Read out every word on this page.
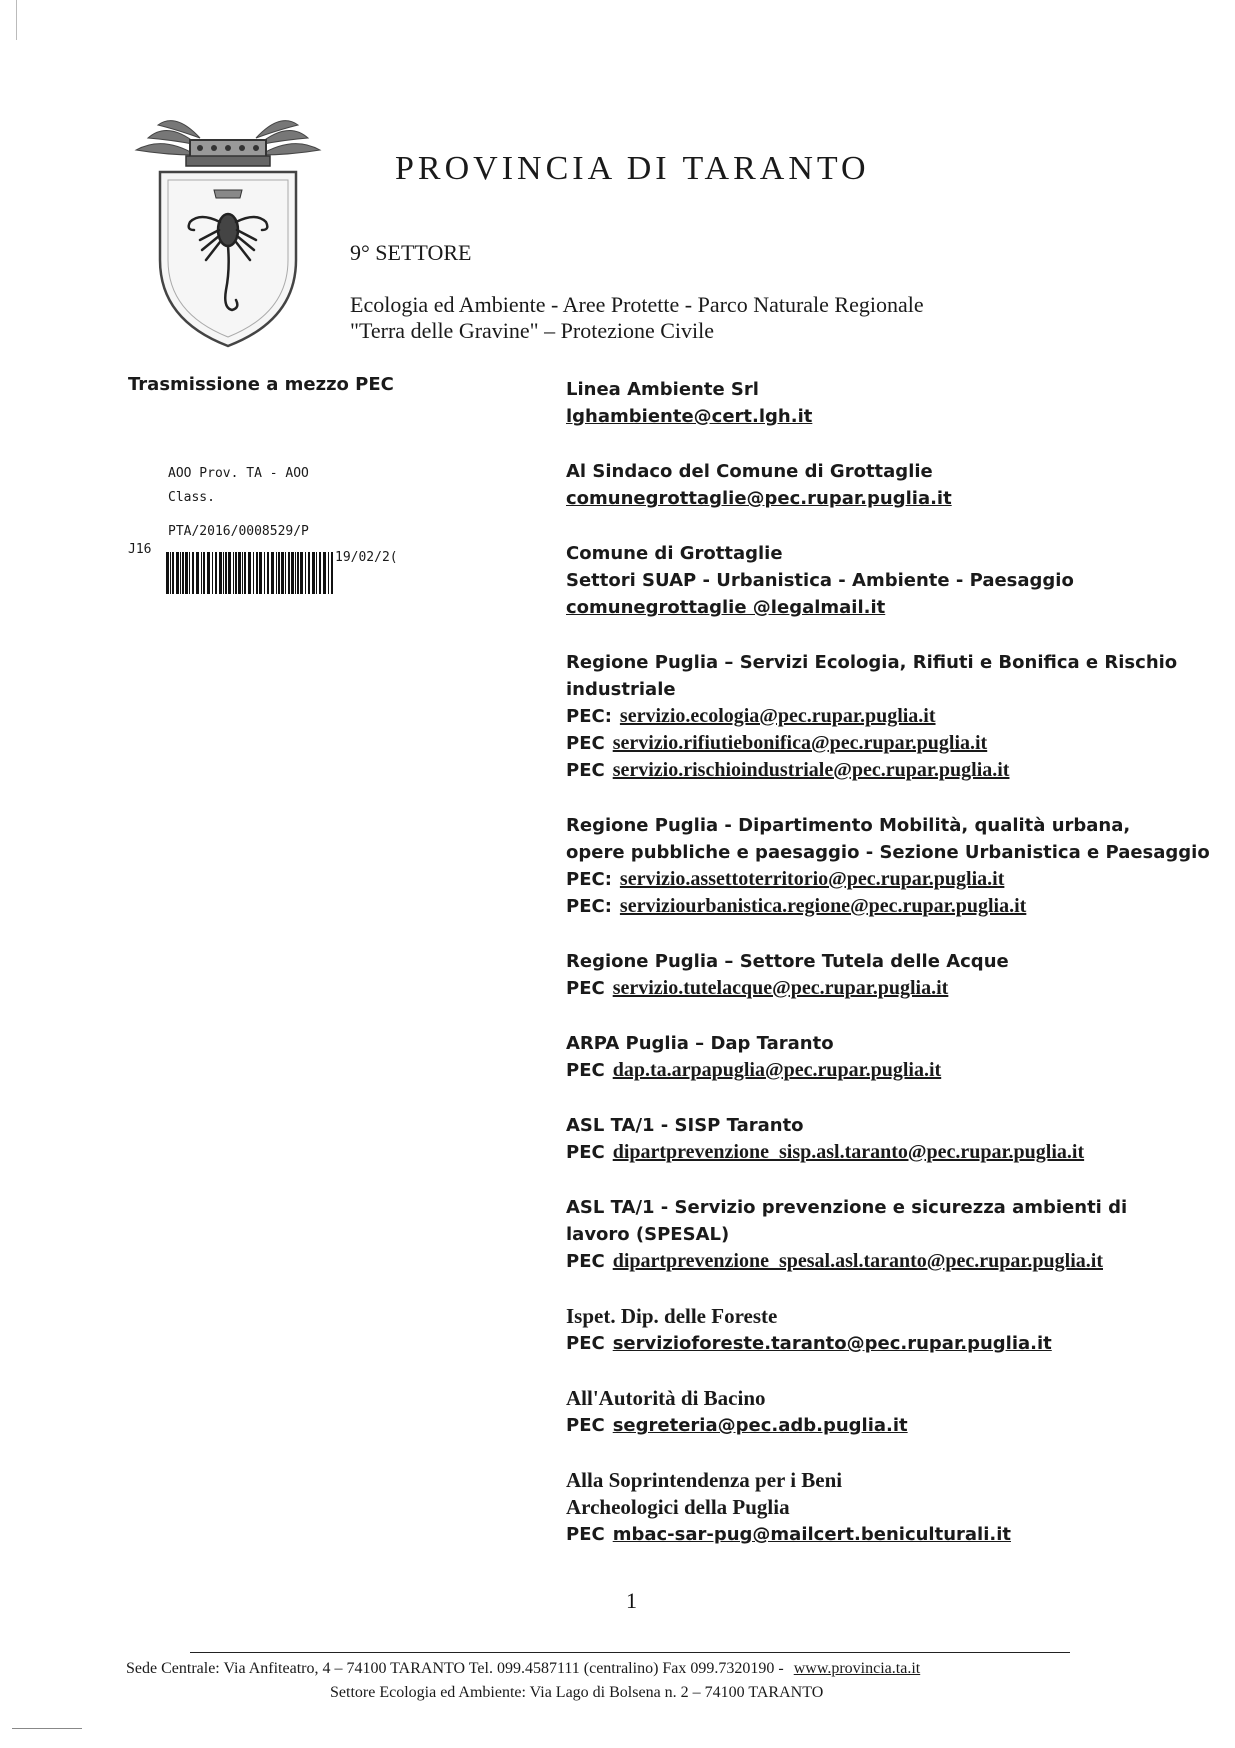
PROVINCIA DI TARANTO
9° SETTORE
Ecologia ed Ambiente - Aree Protette - Parco Naturale Regionale
"Terra delle Gravine" – Protezione Civile
Trasmissione a mezzo PEC
AOO Prov. TA - AOO
Class.
PTA/2016/0008529/P
J16
19/02/2(
Linea Ambiente Srl
lghambiente@cert.lgh.it
Al Sindaco del Comune di Grottaglie
comunegrottaglie@pec.rupar.puglia.it
Comune di Grottaglie
Settori SUAP - Urbanistica - Ambiente - Paesaggio
comunegrottaglie @legalmail.it
Regione Puglia – Servizi Ecologia, Rifiuti e Bonifica e Rischio
industriale
PEC: servizio.ecologia@pec.rupar.puglia.it
PEC servizio.rifiutiebonifica@pec.rupar.puglia.it
PEC servizio.rischioindustriale@pec.rupar.puglia.it
Regione Puglia - Dipartimento Mobilità, qualità urbana,
opere pubbliche e paesaggio - Sezione Urbanistica e Paesaggio
PEC: servizio.assettoterritorio@pec.rupar.puglia.it
PEC: serviziourbanistica.regione@pec.rupar.puglia.it
Regione Puglia – Settore Tutela delle Acque
PEC servizio.tutelacque@pec.rupar.puglia.it
ARPA Puglia – Dap Taranto
PEC dap.ta.arpapuglia@pec.rupar.puglia.it
ASL TA/1 - SISP Taranto
PEC dipartprevenzione_sisp.asl.taranto@pec.rupar.puglia.it
ASL TA/1 - Servizio prevenzione e sicurezza ambienti di
lavoro (SPESAL)
PEC dipartprevenzione_spesal.asl.taranto@pec.rupar.puglia.it
Ispet. Dip. delle Foreste
PEC servizioforeste.taranto@pec.rupar.puglia.it
All'Autorità di Bacino
PEC segreteria@pec.adb.puglia.it
Alla Soprintendenza per i Beni
Archeologici della Puglia
PEC mbac-sar-pug@mailcert.beniculturali.it
1
Sede Centrale: Via Anfiteatro, 4 – 74100 TARANTO Tel. 099.4587111 (centralino) Fax 099.7320190 - www.provincia.ta.it
Settore Ecologia ed Ambiente: Via Lago di Bolsena n. 2 – 74100 TARANTO
